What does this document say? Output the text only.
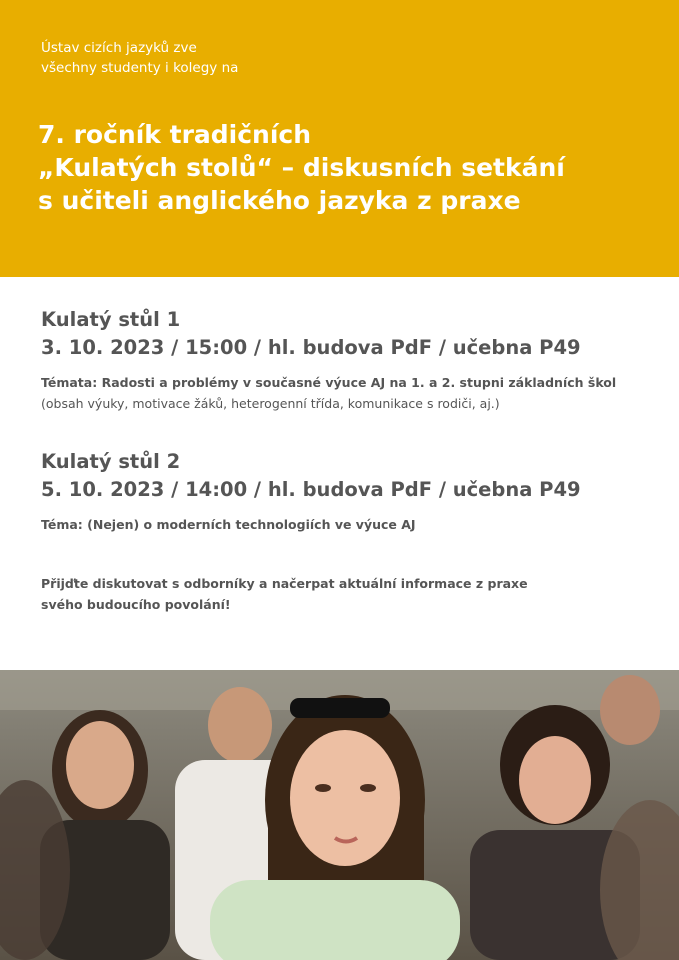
Ústav cizích jazyků zve
všechny studenty i kolegy na
7. ročník tradičních
„Kulatých stolů“ – diskusních setkání
s učiteli anglického jazyka z praxe
Kulatý stůl 1
3. 10. 2023 / 15:00 / hl. budova PdF / učebna P49
Témata: Radosti a problémy v současné výuce AJ na 1. a 2. stupni základních škol
(obsah výuky, motivace žáků, heterogenní třída, komunikace s rodiči, aj.)
Kulatý stůl 2
5. 10. 2023 / 14:00 / hl. budova PdF / učebna P49
Téma: (Nejen) o moderních technologiích ve výuce AJ
Přijďte diskutovat s odborníky a načerpat aktuální informace z praxe
svého budoucího povolání!
